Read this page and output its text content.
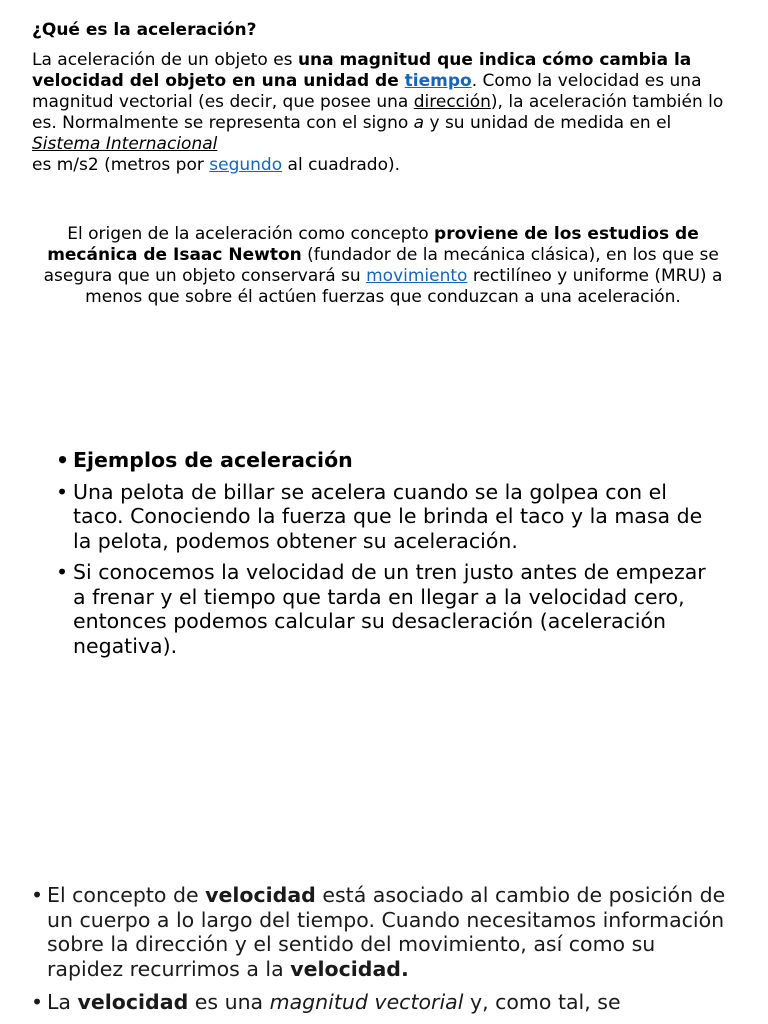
¿Qué es la aceleración?

La aceleración de un objeto es una magnitud que indica cómo cambia la velocidad del objeto en una unidad de tiempo. Como la velocidad es una magnitud vectorial (es decir, que posee una dirección), la aceleración también lo es. Normalmente se representa con el signo a y su unidad de medida en el Sistema Internacional
es m/s2 (metros por segundo al cuadrado).

El origen de la aceleración como concepto proviene de los estudios de mecánica de Isaac Newton (fundador de la mecánica clásica), en los que se asegura que un objeto conservará su movimiento rectilíneo y uniforme (MRU) a menos que sobre él actúen fuerzas que conduzcan a una aceleración.

• Ejemplos de aceleración
• Una pelota de billar se acelera cuando se la golpea con el taco. Conociendo la fuerza que le brinda el taco y la masa de la pelota, podemos obtener su aceleración.
• Si conocemos la velocidad de un tren justo antes de empezar a frenar y el tiempo que tarda en llegar a la velocidad cero, entonces podemos calcular su desacleración (aceleración negativa).
• El concepto de velocidad está asociado al cambio de posición de un cuerpo a lo largo del tiempo. Cuando necesitamos información sobre la dirección y el sentido del movimiento, así como su rapidez recurrimos a la velocidad.
• La velocidad es una magnitud vectorial y, como tal, se
